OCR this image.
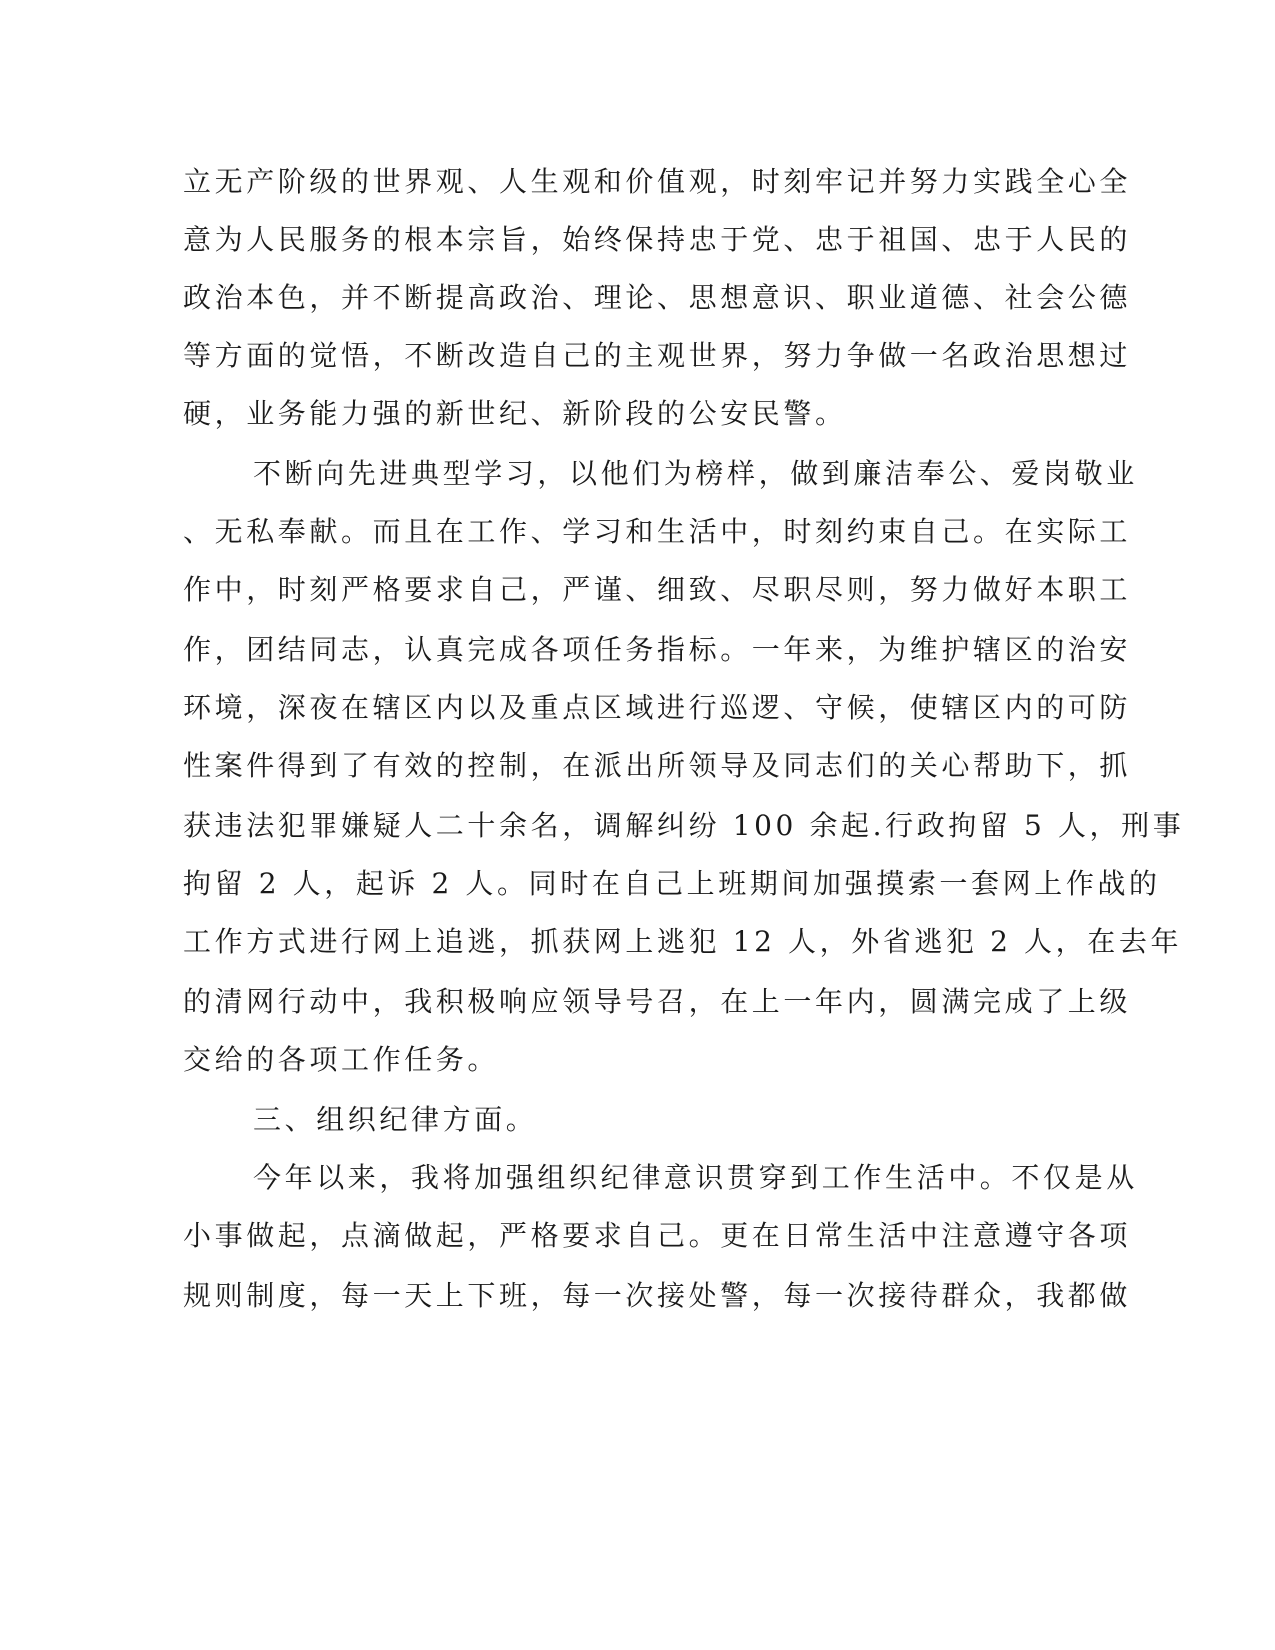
立无产阶级的世界观、人生观和价值观，时刻牢记并努力实践全心全

意为人民服务的根本宗旨，始终保持忠于党、忠于祖国、忠于人民的

政治本色，并不断提高政治、理论、思想意识、职业道德、社会公德

等方面的觉悟，不断改造自己的主观世界，努力争做一名政治思想过

硬，业务能力强的新世纪、新阶段的公安民警。

不断向先进典型学习，以他们为榜样，做到廉洁奉公、爱岗敬业

、无私奉献。而且在工作、学习和生活中，时刻约束自己。在实际工

作中，时刻严格要求自己，严谨、细致、尽职尽则，努力做好本职工

作，团结同志，认真完成各项任务指标。一年来，为维护辖区的治安

环境，深夜在辖区内以及重点区域进行巡逻、守候，使辖区内的可防

性案件得到了有效的控制，在派出所领导及同志们的关心帮助下，抓

获违法犯罪嫌疑人二十余名，调解纠纷 100 余起.行政拘留 5 人，刑事

拘留 2 人，起诉 2 人。同时在自己上班期间加强摸索一套网上作战的

工作方式进行网上追逃，抓获网上逃犯 12 人，外省逃犯 2 人，在去年

的清网行动中，我积极响应领导号召，在上一年内，圆满完成了上级

交给的各项工作任务。

三、组织纪律方面。

今年以来，我将加强组织纪律意识贯穿到工作生活中。不仅是从

小事做起，点滴做起，严格要求自己。更在日常生活中注意遵守各项

规则制度，每一天上下班，每一次接处警，每一次接待群众，我都做
